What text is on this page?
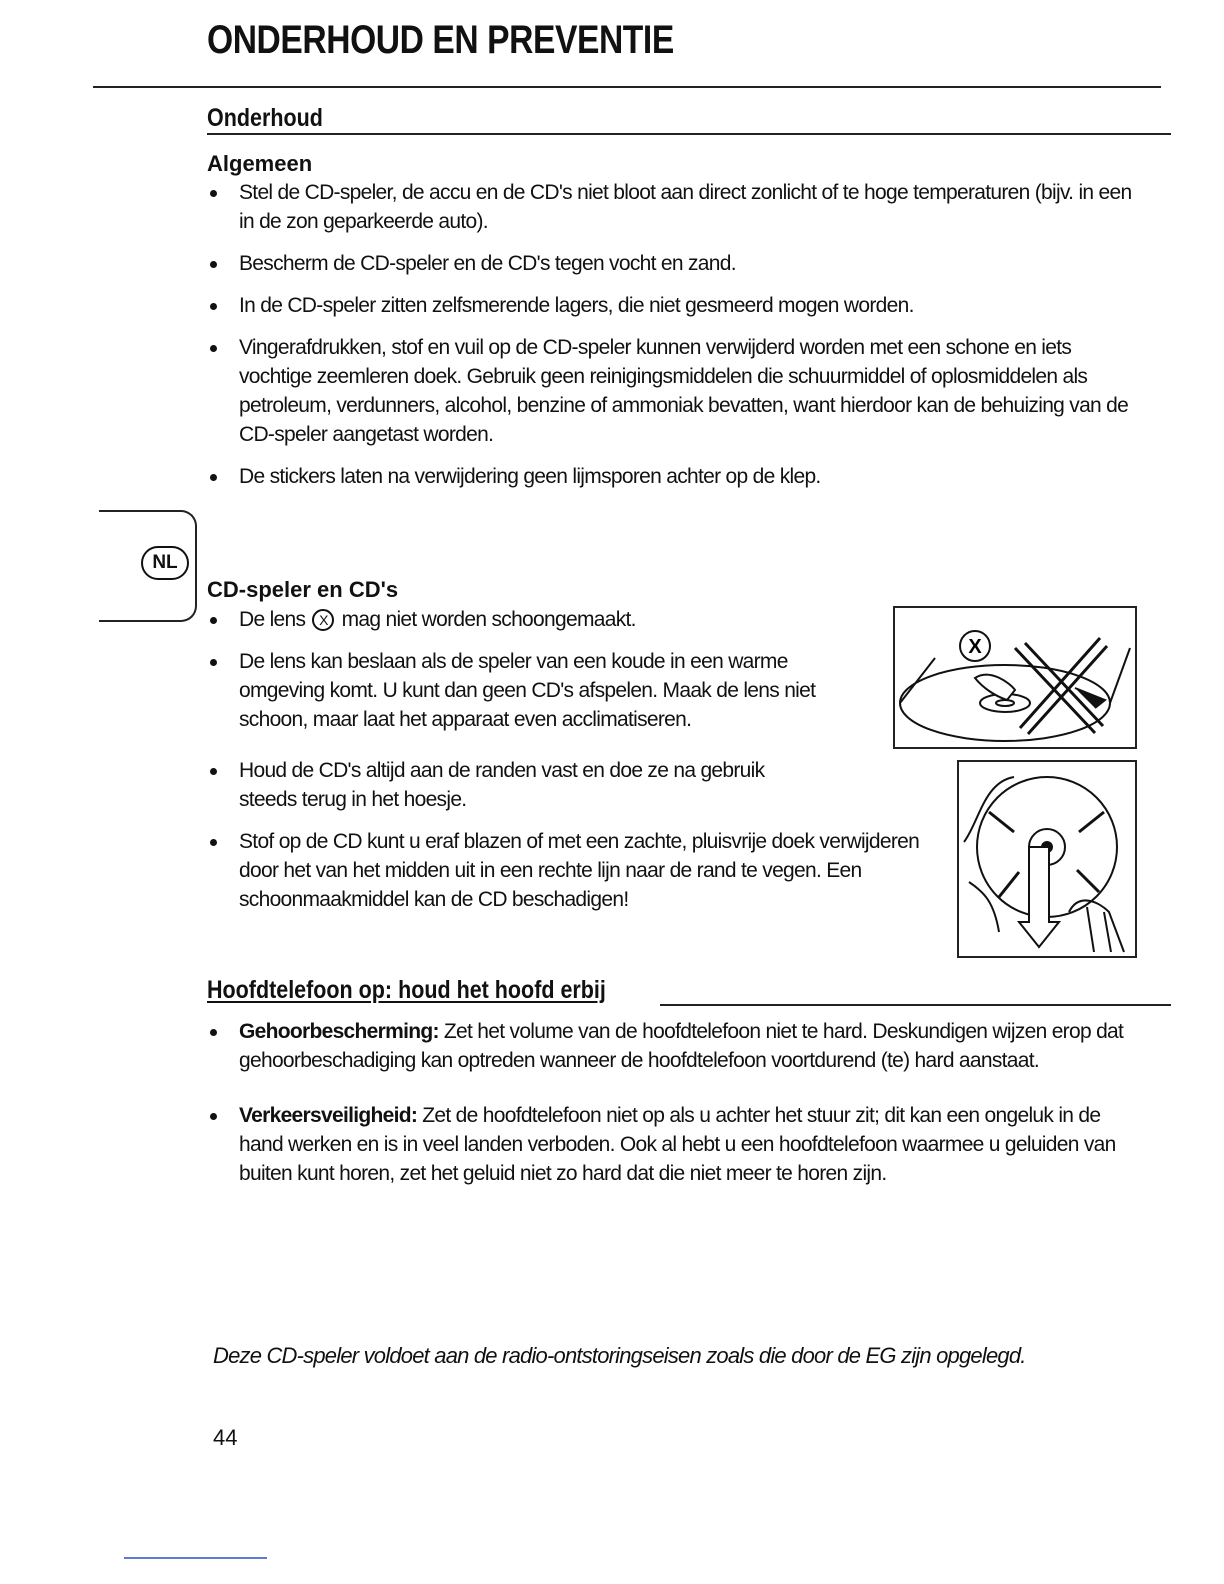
ONDERHOUD EN PREVENTIE
Onderhoud
Algemeen
Stel de CD-speler, de accu en de CD's niet bloot aan direct zonlicht of te hoge temperaturen (bijv. in een in de zon geparkeerde auto).
Bescherm de CD-speler en de CD's tegen vocht en zand.
In de CD-speler zitten zelfsmerende lagers, die niet gesmeerd mogen worden.
Vingerafdrukken, stof en vuil op de CD-speler kunnen verwijderd worden met een schone en iets vochtige zeemleren doek. Gebruik geen reinigingsmiddelen die schuurmiddel of oplosmiddelen als petroleum, verdunners, alcohol, benzine of ammoniak bevatten, want hierdoor kan de behuizing van de CD-speler aangetast worden.
De stickers laten na verwijdering geen lijmsporen achter op de klep.
NL
CD-speler en CD's
De lens X mag niet worden schoongemaakt.
De lens kan beslaan als de speler van een koude in een warme omgeving komt. U kunt dan geen CD's afspelen. Maak de lens niet schoon, maar laat het apparaat even acclimatiseren.
Houd de CD's altijd aan de randen vast en doe ze na gebruik steeds terug in het hoesje.
Stof op de CD kunt u eraf blazen of met een zachte, pluisvrije doek verwijderen door het van het midden uit in een rechte lijn naar de rand te vegen. Een schoonmaakmiddel kan de CD beschadigen!
X
Hoofdtelefoon op: houd het hoofd erbij
Gehoorbescherming: Zet het volume van de hoofdtelefoon niet te hard. Deskundigen wijzen erop dat gehoorbeschadiging kan optreden wanneer de hoofdtelefoon voortdurend (te) hard aanstaat.
Verkeersveiligheid: Zet de hoofdtelefoon niet op als u achter het stuur zit; dit kan een ongeluk in de hand werken en is in veel landen verboden. Ook al hebt u een hoofdtelefoon waarmee u geluiden van buiten kunt horen, zet het geluid niet zo hard dat die niet meer te horen zijn.

Deze CD-speler voldoet aan de radio-ontstoringseisen zoals die door de EG zijn opgelegd.

44
